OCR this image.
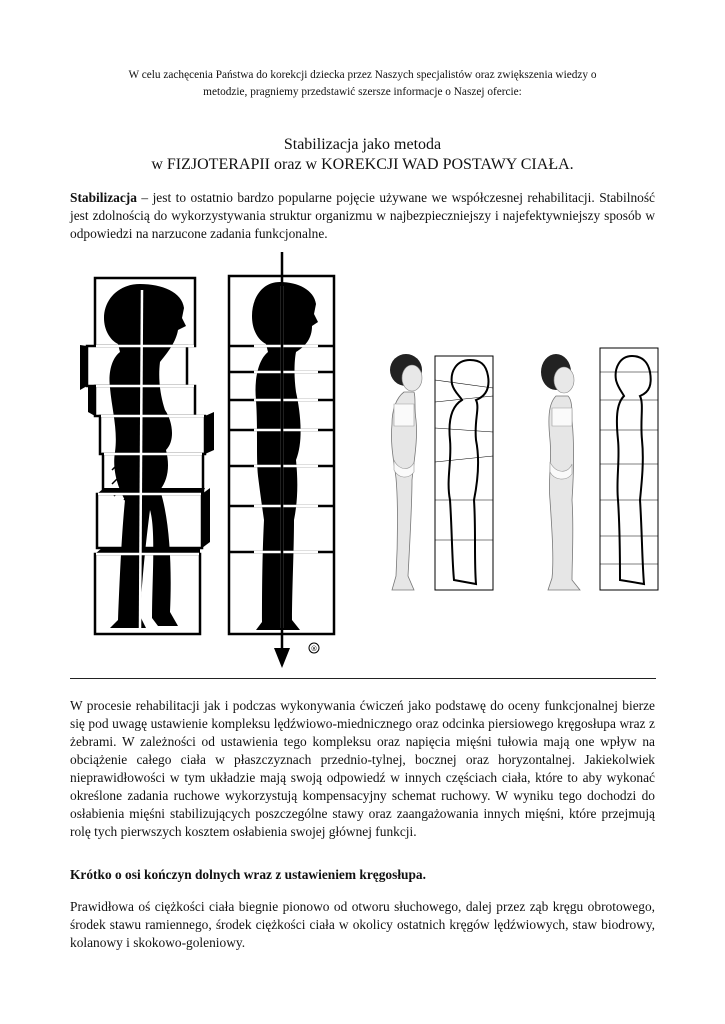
W celu zachęcenia Państwa do korekcji dziecka przez Naszych specjalistów oraz zwiększenia wiedzy o
metodzie, pragniemy przedstawić szersze informacje o Naszej ofercie:
Stabilizacja jako metoda
w FIZJOTERAPII oraz w KOREKCJI WAD POSTAWY CIAŁA.
Stabilizacja – jest to ostatnio bardzo popularne pojęcie używane we współczesnej rehabilitacji. Stabilność jest zdolnością do wykorzystywania struktur organizmu w najbezpieczniejszy i najefektywniejszy sposób w odpowiedzi na narzucone zadania funkcjonalne.
®
W procesie rehabilitacji jak i podczas wykonywania ćwiczeń jako podstawę do oceny funkcjonalnej bierze się pod uwagę ustawienie kompleksu lędźwiowo-miednicznego oraz odcinka piersiowego kręgosłupa wraz z żebrami. W zależności od ustawienia tego kompleksu oraz napięcia mięśni tułowia mają one wpływ na obciążenie całego ciała w płaszczyznach przednio-tylnej, bocznej oraz horyzontalnej. Jakiekolwiek nieprawidłowości w tym układzie mają swoją odpowiedź w innych częściach ciała, które to aby wykonać określone zadania ruchowe wykorzystują kompensacyjny schemat ruchowy. W wyniku tego dochodzi do osłabienia mięśni stabilizujących poszczególne stawy oraz zaangażowania innych mięśni, które przejmują rolę tych pierwszych kosztem osłabienia swojej głównej funkcji.
Krótko o osi kończyn dolnych wraz z ustawieniem kręgosłupa.
Prawidłowa oś ciężkości ciała biegnie pionowo od otworu słuchowego, dalej przez ząb kręgu obrotowego, środek stawu ramiennego, środek ciężkości ciała w okolicy ostatnich kręgów lędźwiowych, staw biodrowy, kolanowy i skokowo-goleniowy.
